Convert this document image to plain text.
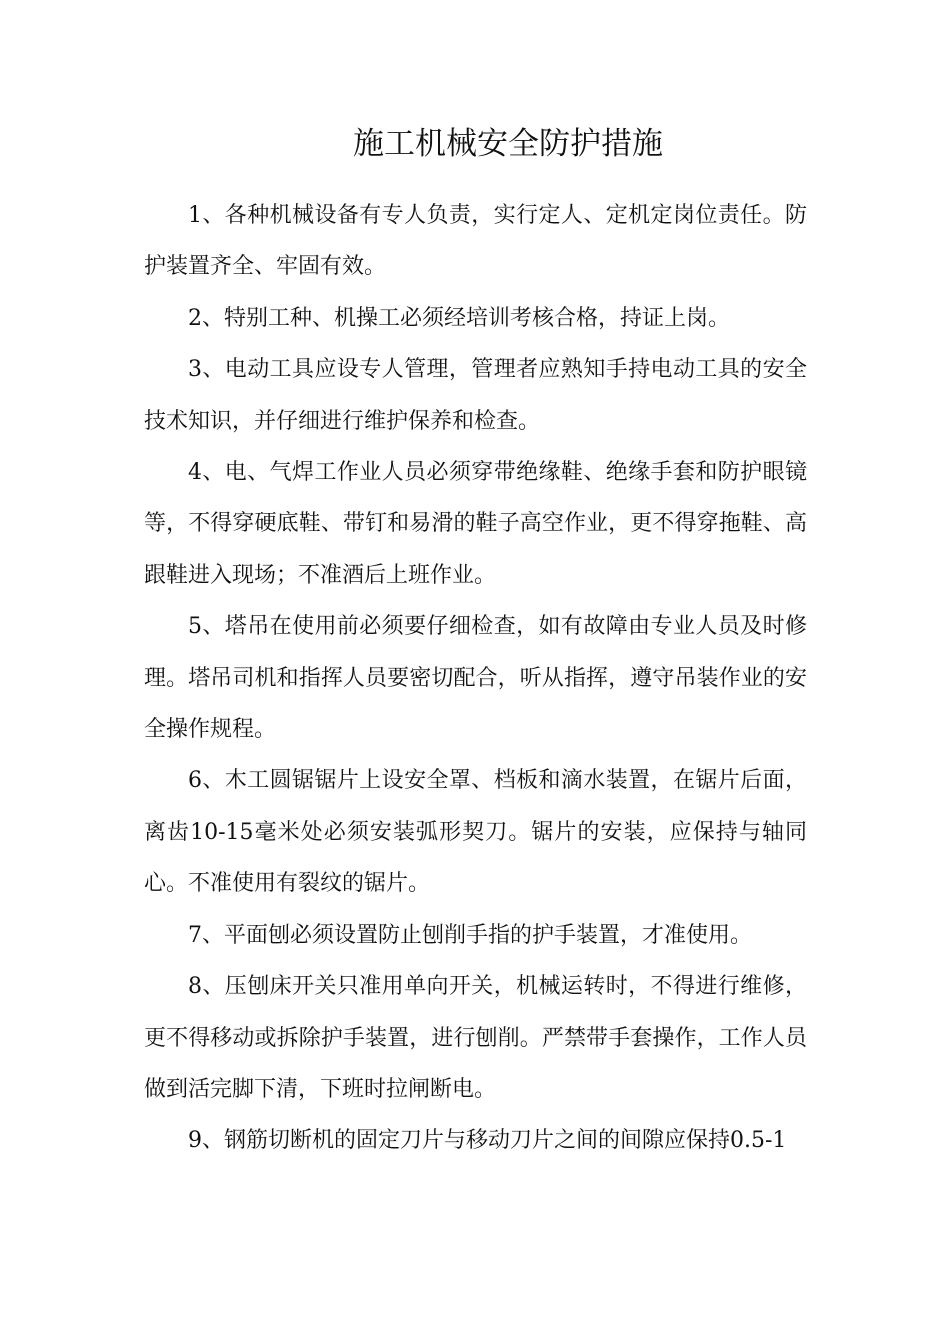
施工机械安全防护措施

1、各种机械设备有专人负责，实行定人、定机定岗位责任。防护装置齐全、牢固有效。

2、特别工种、机操工必须经培训考核合格，持证上岗。

3、电动工具应设专人管理，管理者应熟知手持电动工具的安全技术知识，并仔细进行维护保养和检查。

4、电、气焊工作业人员必须穿带绝缘鞋、绝缘手套和防护眼镜等，不得穿硬底鞋、带钉和易滑的鞋子高空作业，更不得穿拖鞋、高跟鞋进入现场；不准酒后上班作业。

5、塔吊在使用前必须要仔细检查，如有故障由专业人员及时修理。塔吊司机和指挥人员要密切配合，听从指挥，遵守吊装作业的安全操作规程。

6、木工圆锯锯片上设安全罩、档板和滴水装置，在锯片后面，离齿10-15毫米处必须安装弧形契刀。锯片的安装，应保持与轴同心。不准使用有裂纹的锯片。

7、平面刨必须设置防止刨削手指的护手装置，才准使用。

8、压刨床开关只准用单向开关，机械运转时，不得进行维修，更不得移动或拆除护手装置，进行刨削。严禁带手套操作，工作人员做到活完脚下清，下班时拉闸断电。

9、钢筋切断机的固定刀片与移动刀片之间的间隙应保持0.5-1
